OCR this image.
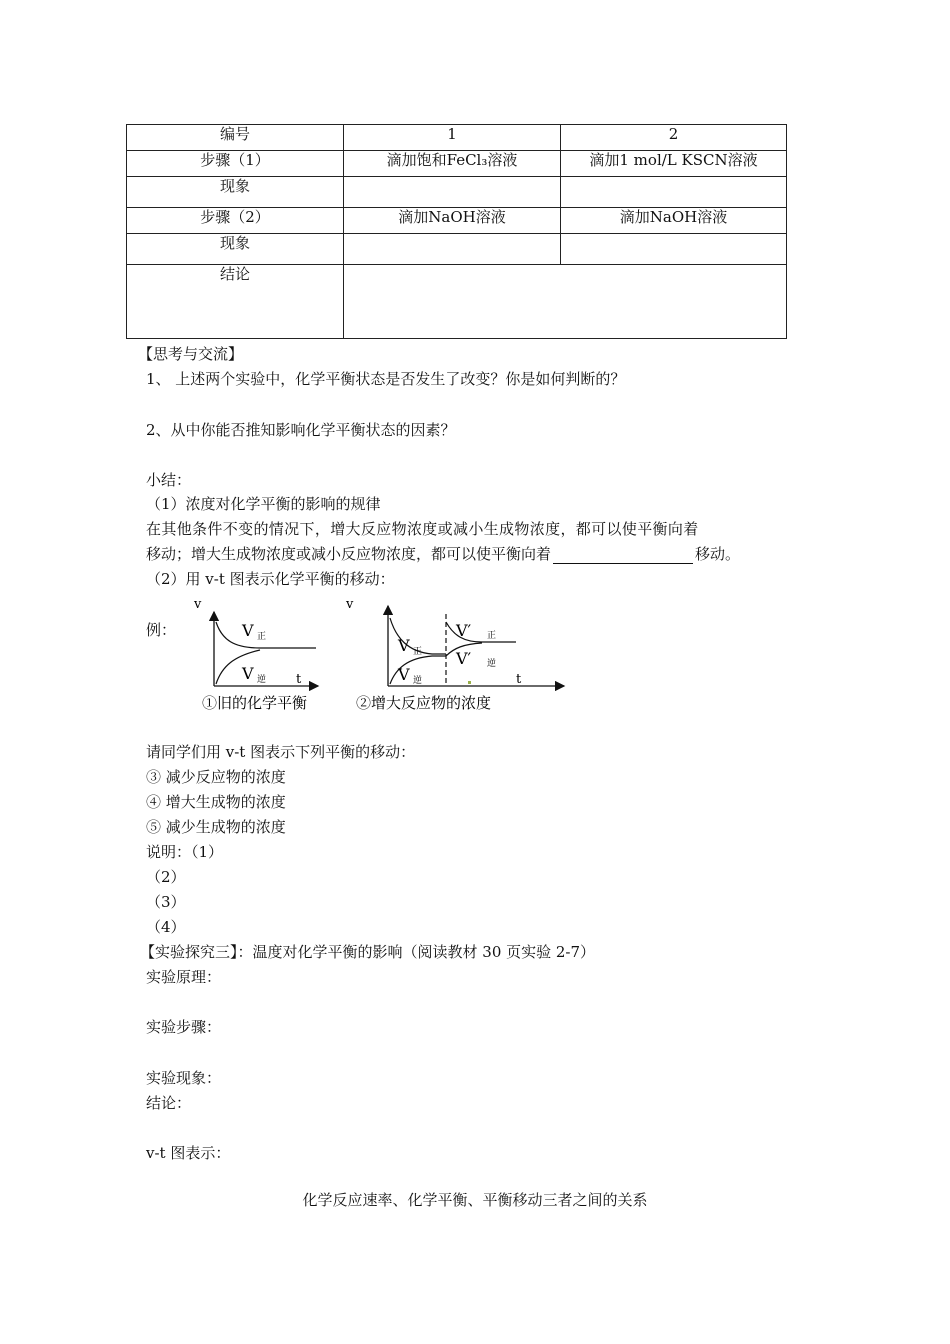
编号	1	2
步骤（1）	滴加饱和FeCl₃溶液	滴加1 mol/L KSCN溶液
现象		
步骤（2）	滴加NaOH溶液	滴加NaOH溶液
现象		
结论		
【思考与交流】
1、 上述两个实验中，化学平衡状态是否发生了改变？你是如何判断的？
2、从中你能否推知影响化学平衡状态的因素？
小结：
（1）浓度对化学平衡的影响的规律
在其他条件不变的情况下，增大反应物浓度或减小生成物浓度，都可以使平衡向着
移动；增大生成物浓度或减小反应物浓度，都可以使平衡向着	移动。
（2）用 v-t 图表示化学平衡的移动：
例：
v
t
V 正
V 逆
v
t
V 正
V 逆
V′ 正
V′ 逆
①旧的化学平衡	②增大反应物的浓度
请同学们用 v-t 图表示下列平衡的移动：
③ 减少反应物的浓度
④ 增大生成物的浓度
⑤ 减少生成物的浓度
说明：（1）
（2）
（3）
（4）
【实验探究三】：温度对化学平衡的影响（阅读教材 30 页实验 2-7）
实验原理：
实验步骤：
实验现象：
结论：
v-t 图表示：
化学反应速率、化学平衡、平衡移动三者之间的关系
